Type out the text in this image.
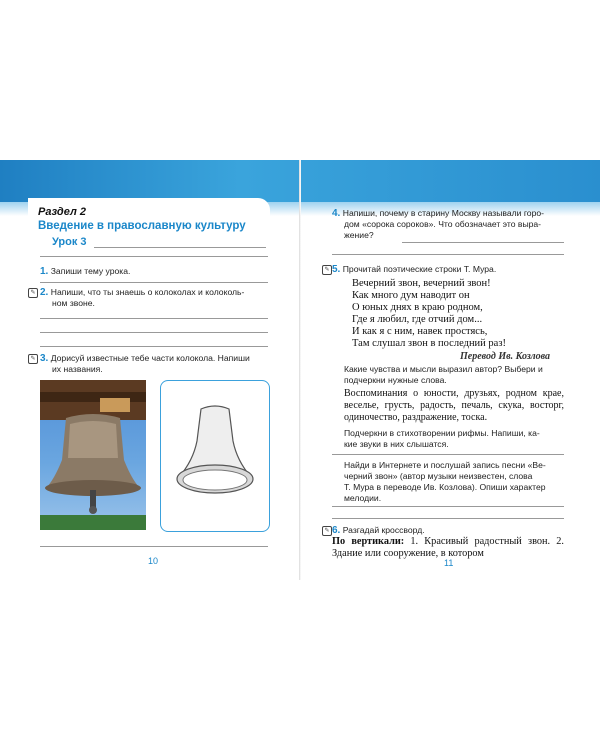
Раздел 2
Введение в православную культуру
Урок 3
1. Запиши тему урока.
✎ 2. Напиши, что ты знаешь о колоколах и колоколь-
ном звоне.
✎ 3. Дорисуй известные тебе части колокола. Напиши
их названия.
10
4. Напиши, почему в старину Москву называли горо-
дом «сорока сороков». Что обозначает это выра-
жение?
✎ 5. Прочитай поэтические строки Т. Мура.
Вечерний звон, вечерний звон!
Как много дум наводит он
О юных днях в краю родном,
Где я любил, где отчий дом...
И как я с ним, навек простясь,
Там слушал звон в последний раз!
Перевод Ив. Козлова
Какие чувства и мысли выразил автор? Выбери и
подчеркни нужные слова.
Воспоминания о юности, друзьях, родном крае, веселье, грусть, радость, печаль, скука, восторг, одиночество, раздражение, тоска.
Подчеркни в стихотворении рифмы. Напиши, ка-
кие звуки в них слышатся.
Найди в Интернете и послушай запись песни «Ве-
черний звон» (автор музыки неизвестен, слова
Т. Мура в переводе Ив. Козлова). Опиши характер
мелодии.
✎ 6. Разгадай кроссворд.
По вертикали: 1. Красивый радостный звон. 2. Здание или сооружение, в котором
11
